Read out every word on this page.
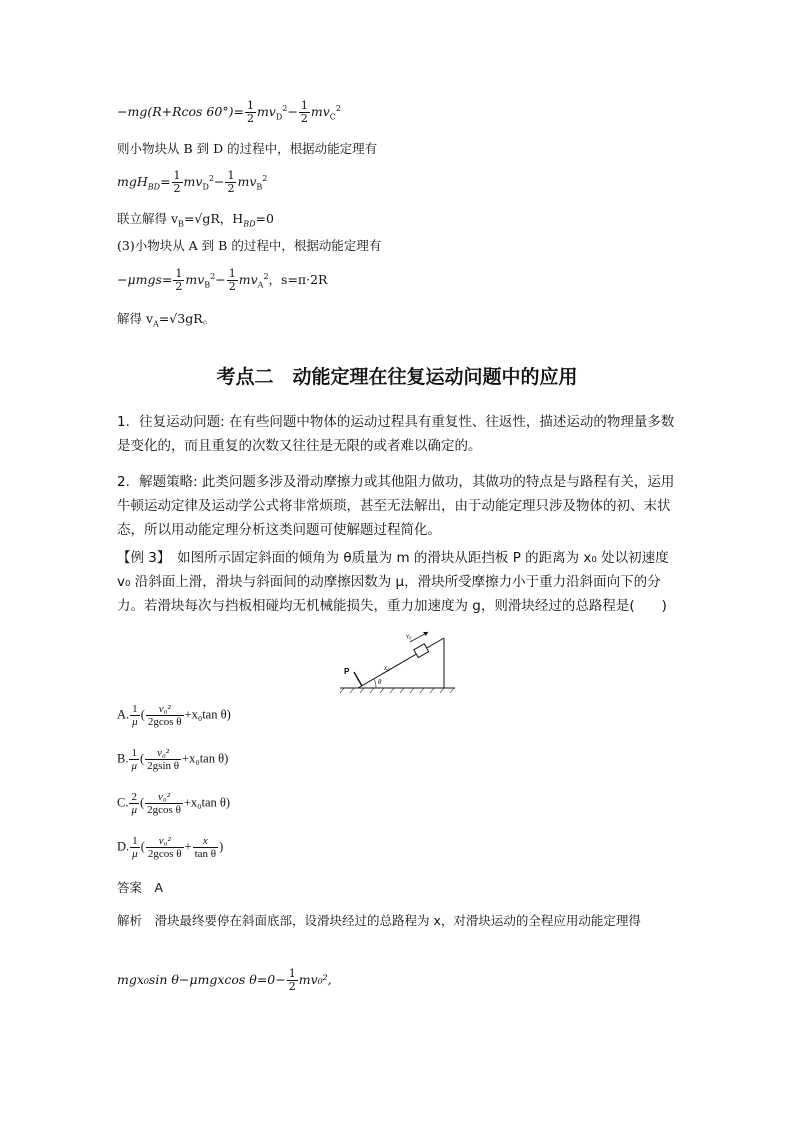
−mg(R+Rcos $60^\circ)= \frac{1}{2} mv_D^2- \frac{1}{2} mv_C^2$
则小物块从 B 到 D 的过程中，根据动能定理有
$mgH_{BD}= \frac{1}{2} mv_D^2- \frac{1}{2} mv_B^2$
联立解得 $v_B=√gR$，$H_{BD}=0$
(3)小物块从 A 到 B 的过程中，根据动能定理有
$-\mu mgs= \frac{1}{2} mv_B^2- \frac{1}{2} mv_A^2$，s=π·2R
解得 $v_A=√3gR$。
考点二　动能定理在往复运动问题中的应用
1．往复运动问题: 在有些问题中物体的运动过程具有重复性、往返性，描述运动的物理量多数是变化的，而且重复的次数又往往是无限的或者难以确定的。
2．解题策略: 此类问题多涉及滑动摩擦力或其他阻力做功，其做功的特点是与路程有关，运用牛顿运动定律及运动学公式将非常烦琐，甚至无法解出，由于动能定理只涉及物体的初、末状态，所以用动能定理分析这类问题可使解题过程简化。
【例 3】　如图所示固定斜面的倾角为 θ质量为 m 的滑块从距挡板 P 的距离为 x₀ 处以初速度 v₀ 沿斜面上滑，滑块与斜面间的动摩擦因数为 μ，滑块所受摩擦力小于重力沿斜面向下的分力。若滑块每次与挡板相碰均无机械能损失，重力加速度为 g，则滑块经过的总路程是(　　)
v₀
P	x₀
θ
A. $\frac{1}{\mu}$ ( $\frac{\text{v₀²}}{\text{2gcos θ}} +x_0\tan$ θ)
B. $\frac{1}{\mu}$ ( $\frac{\text{v₀²}}{\text{2gsin θ}} +x_0\tan$ θ)
C. $\frac{2}{\mu}$ ( $\frac{\text{v₀²}}{\text{2gcos θ}} +x_0\tan$ θ)
D. $\frac{1}{\mu}$ ( $\frac{\text{v₀²}}{\text{2gcos θ}} + \frac{x}{\text{tan θ}}$ )
答案　A
解析　滑块最终要停在斜面底部，设滑块经过的总路程为 x，对滑块运动的全程应用动能定理得
mgx₀sin θ−μmgxcos $\theta=0- \frac{1}{2} mv_0^2$,
